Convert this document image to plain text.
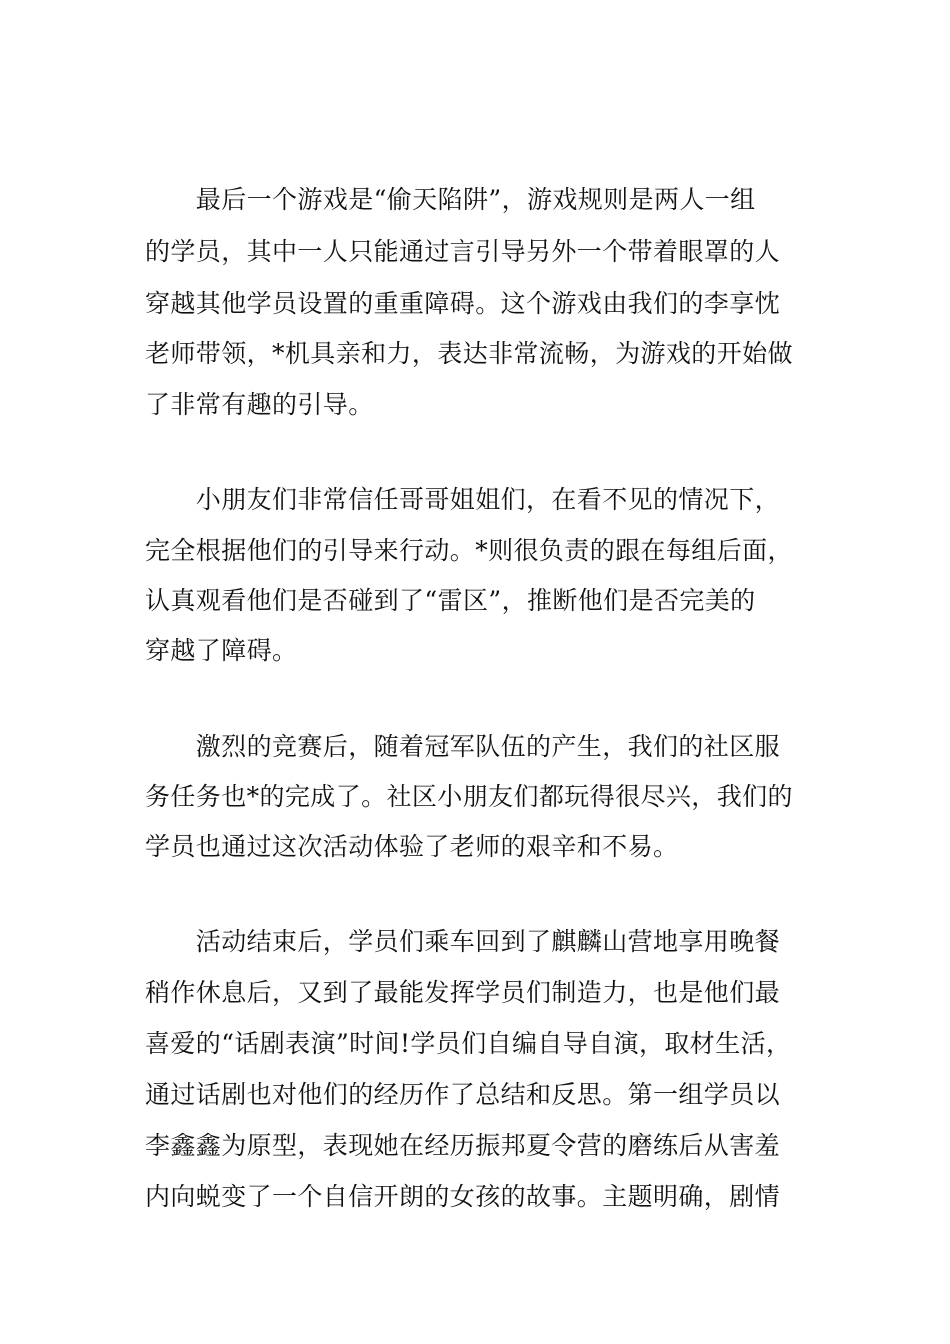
　　最后一个游戏是“偷天陷阱”，游戏规则是两人一组
的学员，其中一人只能通过言引导另外一个带着眼罩的人
穿越其他学员设置的重重障碍。这个游戏由我们的李享忱
老师带领，*机具亲和力，表达非常流畅，为游戏的开始做
了非常有趣的引导。
　　小朋友们非常信任哥哥姐姐们，在看不见的情况下，
完全根据他们的引导来行动。*则很负责的跟在每组后面，
认真观看他们是否碰到了“雷区”，推断他们是否完美的
穿越了障碍。
　　激烈的竞赛后，随着冠军队伍的产生，我们的社区服
务任务也*的完成了。社区小朋友们都玩得很尽兴，我们的
学员也通过这次活动体验了老师的艰辛和不易。
　　活动结束后，学员们乘车回到了麒麟山营地享用晚餐
稍作休息后，又到了最能发挥学员们制造力，也是他们最
喜爱的“话剧表演”时间!学员们自编自导自演，取材生活，
通过话剧也对他们的经历作了总结和反思。第一组学员以
李鑫鑫为原型，表现她在经历振邦夏令营的磨练后从害羞
内向蜕变了一个自信开朗的女孩的故事。主题明确，剧情
